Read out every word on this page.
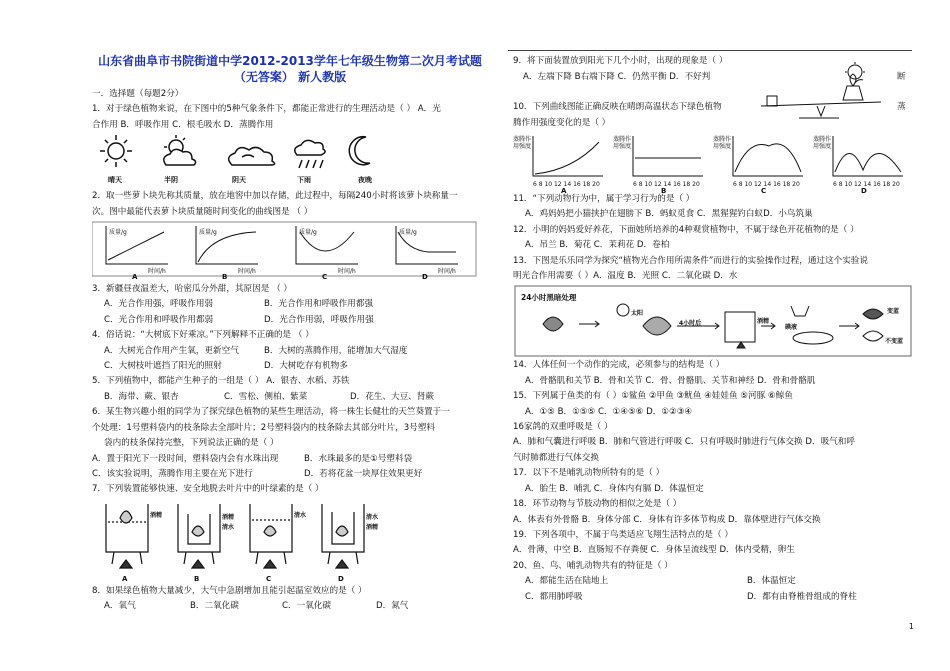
山东省曲阜市书院街道中学2012-2013学年七年级生物第二次月考试题
（无答案） 新人教版
一．选择题（每题2分）
1．对于绿色植物来说，在下图中的5种气象条件下，都能正常进行的生理活动是（ ） A．光
合作用 B．呼吸作用 C．根毛吸水 D．蒸腾作用
晴天	半阴	阴天	下雨	夜晚
2．取一些萝卜块先称其质量，放在地窖中加以存储，此过程中，每隔240小时将该萝卜块称量一
次。图中最能代表萝卜块质量随时间变化的曲线图是 （ ）
质量/g	质量/g	质量/g	质量/g
时间/h	时间/h	时间/h	时间/h
A	B	C	D
3．新疆昼夜温差大，哈密瓜分外甜，其原因是 （ ）
A．光合作用强，呼吸作用弱	B．光合作用和呼吸作用都强
C．光合作用和呼吸作用都弱	D．光合作用弱，呼吸作用强
4．俗话说：“大树底下好乘凉。”下列解释不正确的是 （ ）
A．大树光合作用产生氧，更新空气	B．大树的蒸腾作用，能增加大气湿度
C．大树枝叶遮挡了阳光的照射	D．大树吃存有机物多
5．下列植物中，都能产生种子的一组是（ ） A．银杏、水稻、苏铁
B．海带、蕨、银杏	C．雪松、侧柏、紫菜	D．花生、大豆、肾蕨
6．某生物兴趣小组的同学为了探究绿色植物的某些生理活动，将一株生长健壮的天竺葵置于一
个处理：1号塑料袋内的枝条除去全部叶片；2号塑料袋内的枝条除去其部分叶片，3号塑料
袋内的枝条保持完整，下列说法正确的是（ ）
A．置于阳光下一段时间，塑料袋内会有水珠出现	B．水珠最多的是①号塑料袋
C．该实验说明，蒸腾作用主要在光下进行	D．若将花盆一块厚住效果更好
7．下列装置能够快速、安全地脱去叶片中的叶绿素的是（ ）
酒精	酒精
清水
清水	清水
酒精
A	B	C	D
8．如果绿色植物大量减少，大气中急剧增加且能引起温室效应的是（ ）
A．氧气	B．二氧化碳	C．一氧化碳	D．氮气
9．将下面装置放到阳光下几个小时，出现的现象是（ ）
A．左端下降 B右端下降 C．仍然平衡 D．不好判	断
10．下列曲线图能正确反映在晴朗高温状态下绿色植物	蒸
腾作用强度变化的是（ ）
蒸腾作用强度
蒸腾作用强度
蒸腾作用强度
蒸腾作用强度
6 8 10 12 14 16 18 20	6 8 10 12 14 16 18 20	6 8 10 12 14 16 18 20	6 8 10 12 14 16 18 20
A	B	C	D
11．“下列动物行为中，属于学习行为的是（ ）
A．鸡妈妈把小猫挟护在翅膀下 B．蚂蚁觅食 C．黑猩猩钓白蚁D．小鸟筑巢
12．小明的妈妈爱好养花，下面她所培养的4种观赏植物中，不属于绿色开花植物的是（ ）
A．吊兰 B．菊花 C．茉莉花 D．卷柏
13．下图是乐乐同学为探究“植物光合作用所需条件”而进行的实验操作过程，通过这个实验说
明光合作用需要（ ）A．温度 B．光照 C．二氧化碳 D．水
24小时黑暗处理
太阳
4小时后	酒精
碘液
变蓝
不变蓝
14．人体任何一个动作的完成，必须参与的结构是（ ）
A．骨骼肌和关节 B．骨和关节 C．骨、骨骼肌、关节和神经 D．骨和骨骼肌
15．下列属于鱼类的有（ ）①鲨鱼 ②甲鱼 ③鱿鱼 ④娃娃鱼 ⑤河豚 ⑥鲸鱼
A．①⑤ B．①⑤⑤ C．①④⑤⑥ D．①②③④
16家鸽的双重呼吸是（ ）
A．肺和气囊进行呼吸 B．肺和气管进行呼吸 C．只有呼吸时肺进行气体交换 D．吸气和呼
气时肺都进行气体交换
17．以下不是哺乳动物所特有的是（ ）
A．胎生 B．哺乳 C．身体内有膈 D．体温恒定
18．环节动物与节肢动物的相似之处是（ ）
A．体表有外骨骼 B．身体分部 C．身体有许多体节构成 D．靠体壁进行气体交换
19．下列各项中，不属于鸟类适应飞翔生活特点的是（ ）
A．骨薄，中空 B．直肠短不存粪便 C．身体呈流线型 D．体内受精，卵生
20、鱼、鸟、哺乳动物共有的特征是（ ）
A．都能生活在陆地上	B．体温恒定
C．都用肺呼吸	D．都有由脊椎骨组成的脊柱
1
